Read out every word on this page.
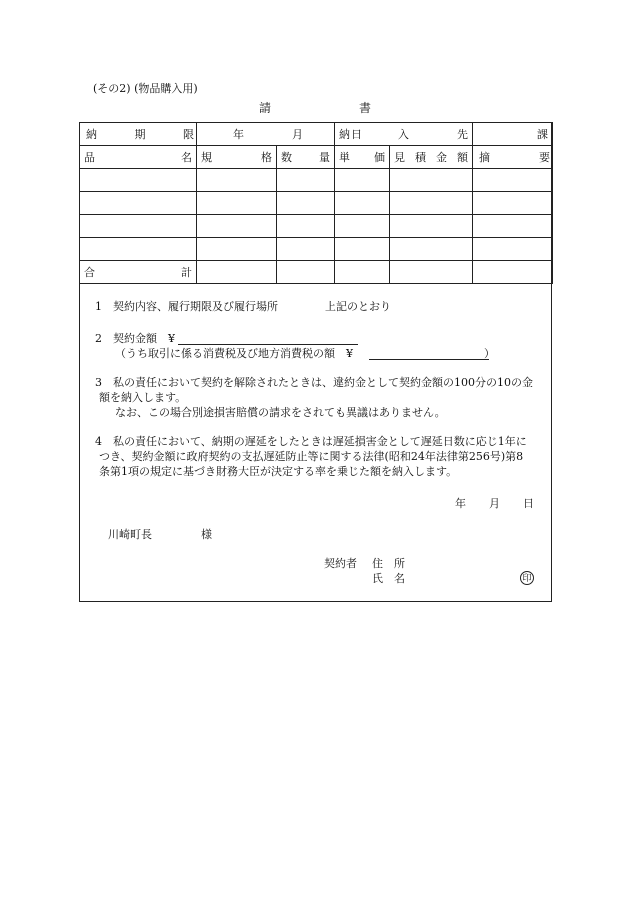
(その2) (物品購入用)
請	書
納 期 限	年 月 日		納 入 先		課

品 名	規 格	数 量	単 価	見 積 金 額	摘 要

合 計					

1　契約内容、履行期限及び履行場所	上記のとおり
2　契約金額　¥
（うち取引に係る消費税及び地方消費税の額　¥	）
3　私の責任において契約を解除されたときは、違約金として契約金額の100分の10の金
額を納入します。
なお、この場合別途損害賠償の請求をされても異議はありません。
4　私の責任において、納期の遅延をしたときは遅延損害金として遅延日数に応じ1年に
つき、契約金額に政府契約の支払遅延防止等に関する法律(昭和24年法律第256号)第8
条第1項の規定に基づき財務大臣が決定する率を乗じた額を納入します。
年 月 日
川崎町長	様
契約者 住　所
氏　名	印
